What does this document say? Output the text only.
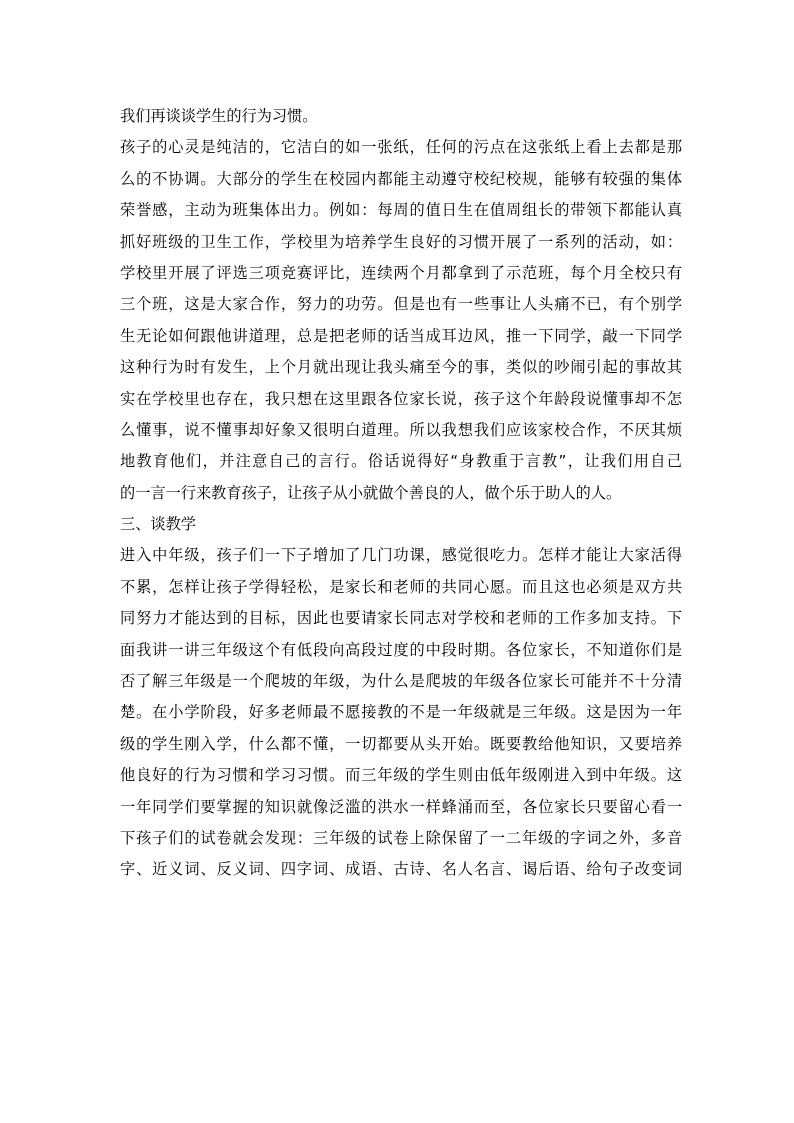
我们再谈谈学生的行为习惯。
孩子的心灵是纯洁的，它洁白的如一张纸，任何的污点在这张纸上看上去都是那
么的不协调。大部分的学生在校园内都能主动遵守校纪校规，能够有较强的集体
荣誉感，主动为班集体出力。例如：每周的值日生在值周组长的带领下都能认真
抓好班级的卫生工作，学校里为培养学生良好的习惯开展了一系列的活动，如：
学校里开展了评选三项竞赛评比，连续两个月都拿到了示范班，每个月全校只有
三个班，这是大家合作，努力的功劳。但是也有一些事让人头痛不已，有个别学
生无论如何跟他讲道理，总是把老师的话当成耳边风，推一下同学，敲一下同学
这种行为时有发生，上个月就出现让我头痛至今的事，类似的吵闹引起的事故其
实在学校里也存在，我只想在这里跟各位家长说，孩子这个年龄段说懂事却不怎
么懂事，说不懂事却好象又很明白道理。所以我想我们应该家校合作，不厌其烦
地教育他们，并注意自己的言行。俗话说得好“身教重于言教”，让我们用自己
的一言一行来教育孩子，让孩子从小就做个善良的人，做个乐于助人的人。
三、谈教学
进入中年级，孩子们一下子增加了几门功课，感觉很吃力。怎样才能让大家活得
不累，怎样让孩子学得轻松，是家长和老师的共同心愿。而且这也必须是双方共
同努力才能达到的目标，因此也要请家长同志对学校和老师的工作多加支持。下
面我讲一讲三年级这个有低段向高段过度的中段时期。各位家长，不知道你们是
否了解三年级是一个爬坡的年级，为什么是爬坡的年级各位家长可能并不十分清
楚。在小学阶段，好多老师最不愿接教的不是一年级就是三年级。这是因为一年
级的学生刚入学，什么都不懂，一切都要从头开始。既要教给他知识，又要培养
他良好的行为习惯和学习习惯。而三年级的学生则由低年级刚进入到中年级。这
一年同学们要掌握的知识就像泛滥的洪水一样蜂涌而至，各位家长只要留心看一
下孩子们的试卷就会发现：三年级的试卷上除保留了一二年级的字词之外，多音
字、近义词、反义词、四字词、成语、古诗、名人名言、谒后语、给句子改变词
